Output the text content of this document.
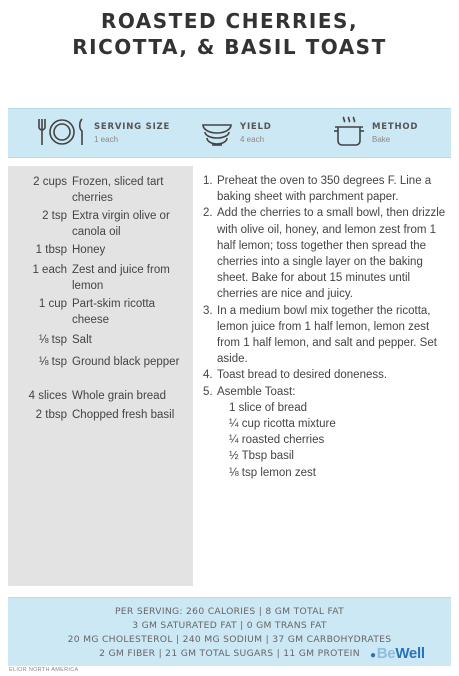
ROASTED CHERRIES,
RICOTTA, & BASIL TOAST
SERVING SIZE
1 each
YIELD
4 each
METHOD
Bake
2 cups Frozen, sliced tart cherries
2 tsp Extra virgin olive or canola oil
1 tbsp Honey
1 each Zest and juice from lemon
1 cup Part-skim ricotta cheese
⅛ tsp Salt
⅛ tsp Ground black pepper
4 slices Whole grain bread
2 tbsp Chopped fresh basil
1. Preheat the oven to 350 degrees F. Line a baking sheet with parchment paper.
2. Add the cherries to a small bowl, then drizzle with olive oil, honey, and lemon zest from 1 half lemon; toss together then spread the cherries into a single layer on the baking sheet. Bake for about 15 minutes until cherries are nice and juicy.
3. In a medium bowl mix together the ricotta, lemon juice from 1 half lemon, lemon zest from 1 half lemon, and salt and pepper. Set aside.
4. Toast bread to desired doneness.
5. Asemble Toast:
1 slice of bread
¼ cup ricotta mixture
¼ roasted cherries
½ Tbsp basil
⅛ tsp lemon zest
PER SERVING: 260 CALORIES | 8 GM TOTAL FAT
3 GM SATURATED FAT | 0 GM TRANS FAT
20 MG CHOLESTEROL | 240 MG SODIUM | 37 GM CARBOHYDRATES
2 GM FIBER | 21 GM TOTAL SUGARS | 11 GM PROTEIN	●BeWell
ELIOR NORTH AMERICA
